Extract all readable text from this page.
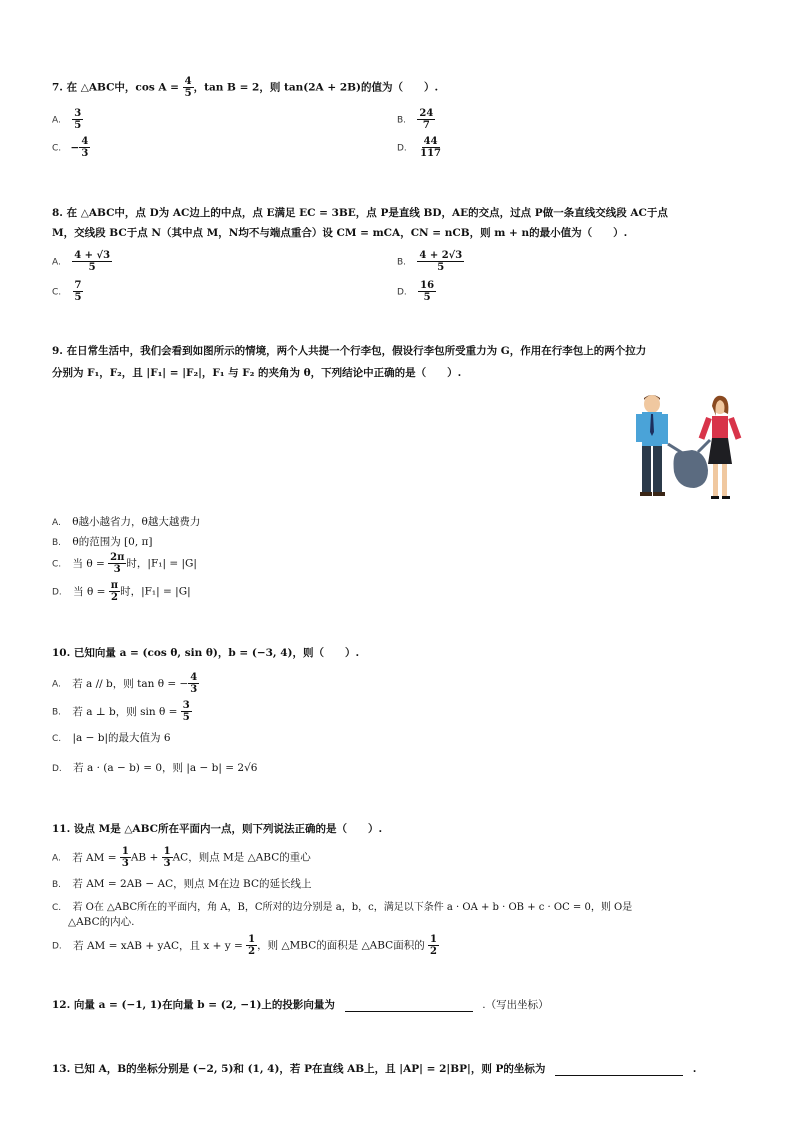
7. 在 △ABC中，$\cos A = \frac{4}{5}$ ，tan B = 2，则 tan(2A + 2B)的值为（　　）.
A. $\frac{3}{5}$	B. $\frac{24}{7}$
C. − $\frac{4}{3}$	D. $\frac{44}{117}$
8. 在 △ABC中，点 D为 AC边上的中点，点 E满足 EC = 3BE，点 P是直线 BD，AE的交点，过点 P做一条直线交线段 AC于点
M，交线段 BC于点 N（其中点 M，N均不与端点重合）设 CM = mCA，CN = nCB，则 m + n的最小值为（　　）.
A. $\frac{4 + √3}{5}$	B. $\frac{4 + 2√3}{5}$
C. $\frac{7}{5}$	D. $\frac{16}{5}$
9. 在日常生活中，我们会看到如图所示的情境，两个人共提一个行李包，假设行李包所受重力为 G，作用在行李包上的两个拉力
分别为 F₁，F₂，且 |F₁| = |F₂|，F₁ 与 F₂ 的夹角为 θ，下列结论中正确的是（　　）.
A. θ越小越省力，θ越大越费力
B. θ的范围为 [0, π]
C. 当 $\theta = \frac{2\pi}{3}$ 时，|F₁| = |G|
D. 当 $\theta = \frac{\pi}{2}$ 时，|F₁| = |G|
10. 已知向量 a = (cos θ, sin θ)，b = (−3, 4)，则（　　）.
A. 若 a // b，则 tan θ = − $\frac{4}{3}$
B. 若 a ⊥ b，则 $\sin \theta = \frac{3}{5}$
C. |a − b|的最大值为 6
D. 若 a · (a − b) = 0，则 |a − b| = 2√6
11. 设点 M是 △ABC所在平面内一点，则下列说法正确的是（　　）.
A. 若 AM = $\frac{1}{3}$ AB + $\frac{1}{3}$ AC，则点 M是 △ABC的重心
B. 若 AM = 2AB − AC，则点 M在边 BC的延长线上
C. 若 O在 △ABC所在的平面内，角 A，B，C所对的边分别是 a，b，c，满足以下条件 a · OA + b · OB + c · OC = 0，则 O是
△ABC的内心.
D. 若 AM = xAB + yAC，且 $x + y = \frac{1}{2}$ ，则 △MBC的面积是 △ABC面积的 $\frac{1}{2}$
12. 向量 a = (−1, 1)在向量 b = (2, −1)上的投影向量为	.（写出坐标）
13. 已知 A，B的坐标分别是 (−2, 5)和 (1, 4)，若 P在直线 AB上，且 |AP| = 2|BP|，则 P的坐标为	.
